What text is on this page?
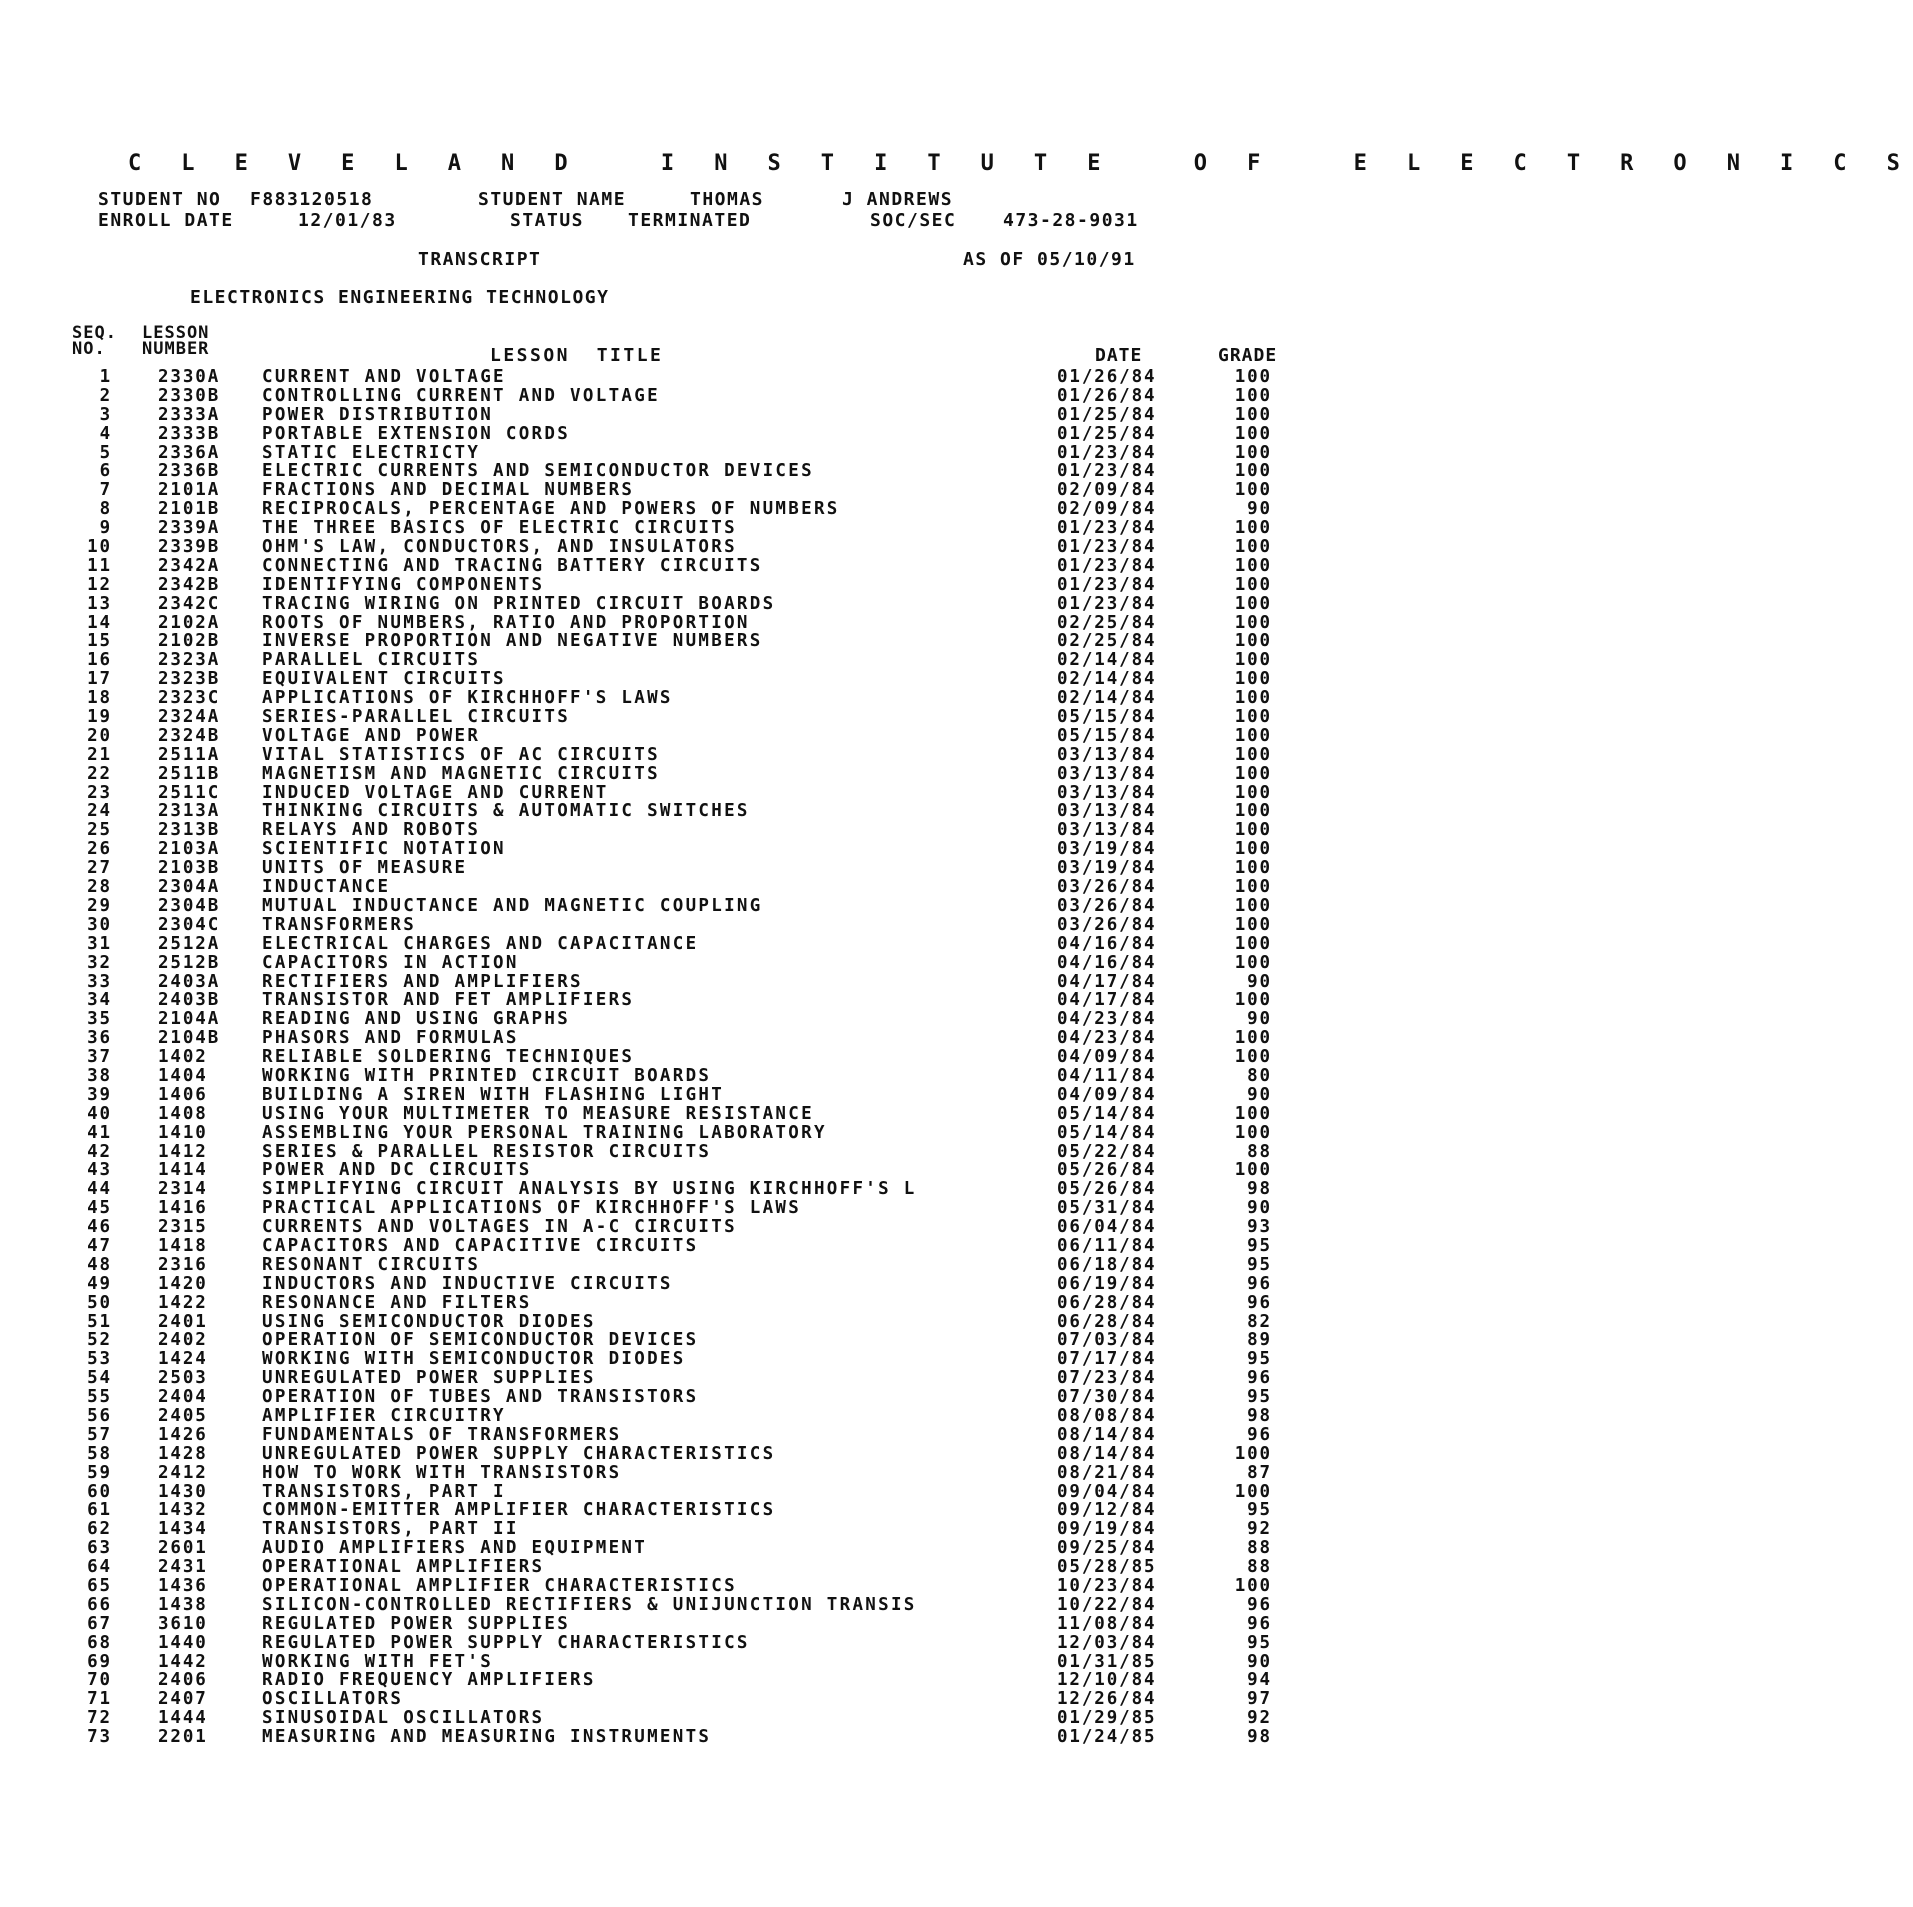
C L E V E L A N D   I N S T I T U T E   O F   E L E C T R O N I C S
STUDENT NO F883120518	STUDENT NAME	THOMAS	J ANDREWS
ENROLL DATE	12/01/83	STATUS TERMINATED	SOC/SEC	473-28-9031
TRANSCRIPT	AS OF 05/10/91
ELECTRONICS ENGINEERING TECHNOLOGY
SEQ.
NO.
LESSON
NUMBER	LESSON  TITLE	DATE	GRADE
1	2330A CURRENT AND VOLTAGE	01/26/84	100
2	2330B CONTROLLING CURRENT AND VOLTAGE	01/26/84	100
3	2333A POWER DISTRIBUTION	01/25/84	100
4	2333B PORTABLE EXTENSION CORDS	01/25/84	100
5	2336A STATIC ELECTRICTY	01/23/84	100
6	2336B ELECTRIC CURRENTS AND SEMICONDUCTOR DEVICES	01/23/84	100
7	2101A FRACTIONS AND DECIMAL NUMBERS	02/09/84	100
8	2101B RECIPROCALS, PERCENTAGE AND POWERS OF NUMBERS	02/09/84	90
9	2339A THE THREE BASICS OF ELECTRIC CIRCUITS	01/23/84	100
10	2339B OHM'S LAW, CONDUCTORS, AND INSULATORS	01/23/84	100
11	2342A CONNECTING AND TRACING BATTERY CIRCUITS	01/23/84	100
12	2342B IDENTIFYING COMPONENTS	01/23/84	100
13	2342C TRACING WIRING ON PRINTED CIRCUIT BOARDS	01/23/84	100
14	2102A ROOTS OF NUMBERS, RATIO AND PROPORTION	02/25/84	100
15	2102B INVERSE PROPORTION AND NEGATIVE NUMBERS	02/25/84	100
16	2323A PARALLEL CIRCUITS	02/14/84	100
17	2323B EQUIVALENT CIRCUITS	02/14/84	100
18	2323C APPLICATIONS OF KIRCHHOFF'S LAWS	02/14/84	100
19	2324A SERIES-PARALLEL CIRCUITS	05/15/84	100
20	2324B VOLTAGE AND POWER	05/15/84	100
21	2511A VITAL STATISTICS OF AC CIRCUITS	03/13/84	100
22	2511B MAGNETISM AND MAGNETIC CIRCUITS	03/13/84	100
23	2511C INDUCED VOLTAGE AND CURRENT	03/13/84	100
24	2313A THINKING CIRCUITS & AUTOMATIC SWITCHES	03/13/84	100
25	2313B RELAYS AND ROBOTS	03/13/84	100
26	2103A SCIENTIFIC NOTATION	03/19/84	100
27	2103B UNITS OF MEASURE	03/19/84	100
28	2304A INDUCTANCE	03/26/84	100
29	2304B MUTUAL INDUCTANCE AND MAGNETIC COUPLING	03/26/84	100
30	2304C TRANSFORMERS	03/26/84	100
31	2512A ELECTRICAL CHARGES AND CAPACITANCE	04/16/84	100
32	2512B CAPACITORS IN ACTION	04/16/84	100
33	2403A RECTIFIERS AND AMPLIFIERS	04/17/84	90
34	2403B TRANSISTOR AND FET AMPLIFIERS	04/17/84	100
35	2104A READING AND USING GRAPHS	04/23/84	90
36	2104B PHASORS AND FORMULAS	04/23/84	100
37	1402	RELIABLE SOLDERING TECHNIQUES	04/09/84	100
38	1404	WORKING WITH PRINTED CIRCUIT BOARDS	04/11/84	80
39	1406	BUILDING A SIREN WITH FLASHING LIGHT	04/09/84	90
40	1408	USING YOUR MULTIMETER TO MEASURE RESISTANCE	05/14/84	100
41	1410	ASSEMBLING YOUR PERSONAL TRAINING LABORATORY	05/14/84	100
42	1412	SERIES & PARALLEL RESISTOR CIRCUITS	05/22/84	88
43	1414	POWER AND DC CIRCUITS	05/26/84	100
44	2314	SIMPLIFYING CIRCUIT ANALYSIS BY USING KIRCHHOFF'S L	05/26/84	98
45	1416	PRACTICAL APPLICATIONS OF KIRCHHOFF'S LAWS	05/31/84	90
46	2315	CURRENTS AND VOLTAGES IN A-C CIRCUITS	06/04/84	93
47	1418	CAPACITORS AND CAPACITIVE CIRCUITS	06/11/84	95
48	2316	RESONANT CIRCUITS	06/18/84	95
49	1420	INDUCTORS AND INDUCTIVE CIRCUITS	06/19/84	96
50	1422	RESONANCE AND FILTERS	06/28/84	96
51	2401	USING SEMICONDUCTOR DIODES	06/28/84	82
52	2402	OPERATION OF SEMICONDUCTOR DEVICES	07/03/84	89
53	1424	WORKING WITH SEMICONDUCTOR DIODES	07/17/84	95
54	2503	UNREGULATED POWER SUPPLIES	07/23/84	96
55	2404	OPERATION OF TUBES AND TRANSISTORS	07/30/84	95
56	2405	AMPLIFIER CIRCUITRY	08/08/84	98
57	1426	FUNDAMENTALS OF TRANSFORMERS	08/14/84	96
58	1428	UNREGULATED POWER SUPPLY CHARACTERISTICS	08/14/84	100
59	2412	HOW TO WORK WITH TRANSISTORS	08/21/84	87
60	1430	TRANSISTORS, PART I	09/04/84	100
61	1432	COMMON-EMITTER AMPLIFIER CHARACTERISTICS	09/12/84	95
62	1434	TRANSISTORS, PART II	09/19/84	92
63	2601	AUDIO AMPLIFIERS AND EQUIPMENT	09/25/84	88
64	2431	OPERATIONAL AMPLIFIERS	05/28/85	88
65	1436	OPERATIONAL AMPLIFIER CHARACTERISTICS	10/23/84	100
66	1438	SILICON-CONTROLLED RECTIFIERS & UNIJUNCTION TRANSIS	10/22/84	96
67	3610	REGULATED POWER SUPPLIES	11/08/84	96
68	1440	REGULATED POWER SUPPLY CHARACTERISTICS	12/03/84	95
69	1442	WORKING WITH FET'S	01/31/85	90
70	2406	RADIO FREQUENCY AMPLIFIERS	12/10/84	94
71	2407	OSCILLATORS	12/26/84	97
72	1444	SINUSOIDAL OSCILLATORS	01/29/85	92
73	2201	MEASURING AND MEASURING INSTRUMENTS	01/24/85	98
